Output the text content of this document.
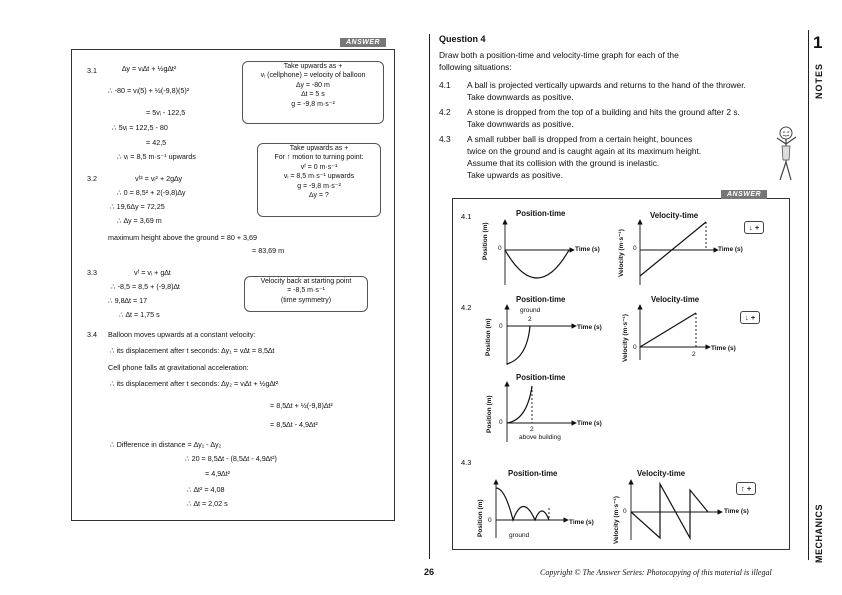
ANSWER
3.1	∆y = vᵢ∆t + ½g∆t²
∴ -80 = vᵢ(5) + ½(-9,8)(5)²
= 5vᵢ - 122,5
∴ 5vᵢ = 122,5 - 80
= 42,5
∴ vᵢ = 8,5 m·s⁻¹ upwards
3.2	vᶠ² = vᵢ² + 2g∆y
∴ 0 = 8,5² + 2(-9,8)∆y
∴ 19,6∆y = 72,25
∴ ∆y = 3,69 m
maximum height above the ground = 80 + 3,69
= 83,69 m
3.3	vᶠ = vᵢ + g∆t
∴ -8,5 = 8,5 + (-9,8)∆t
∴ 9,8∆t = 17
∴ ∆t = 1,75 s
3.4 Balloon moves upwards at a constant velocity:
∴ its displacement after t seconds: ∆y₁ = v∆t = 8,5∆t
Cell phone falls at gravitational acceleration:
∴ its displacement after t seconds: ∆y₂ = vᵢ∆t + ½g∆t²
= 8,5∆t + ½(-9,8)∆t²
= 8,5∆t - 4,9∆t²
∴ Difference in distance = ∆y₁ - ∆y₂
∴ 20 = 8,5∆t - (8,5∆t - 4,9∆t²)
= 4,9∆t²
∴ ∆t² = 4,08
∴ ∆t = 2,02 s
Take upwards as +
vᵢ (cellphone) = velocity of balloon
∆y = -80 m
∆t = 5 s
g = -9,8 m·s⁻²
Take upwards as +
For ↑ motion to turning point:
vᶠ = 0 m·s⁻¹
vᵢ = 8,5 m·s⁻¹ upwards
g = -9,8 m·s⁻²
∆y = ?
Velocity back at starting point
= -8,5 m·s⁻¹
(time symmetry)
Question 4
Draw both a position-time and velocity-time graph for each of the
following situations:
4.1 A ball is projected vertically upwards and returns to the hand of the thrower.
Take downwards as positive.
4.2 A stone is dropped from the top of a building and hits the ground after 2 s.
Take downwards as positive.
4.3 A small rubber ball is dropped from a certain height, bounces
twice on the ground and is caught again at its maximum height.
Assume that its collision with the ground is inelastic.
Take upwards as positive.
ANSWER
4.1
4.2
4.3
Position-time	Velocity-time
Position-time	Velocity-time
Position-time
Position-time	Velocity-time
↓ +
↓ +
↑ +
Position (m)	Velocity (m·s⁻¹)
Position (m)	Velocity (m·s⁻¹)
Position (m)
Position (m)	Velocity (m·s⁻¹)
Time (s)	Time (s)
Time (s)
Time (s)
Time (s)
Time (s)
Time (s)
0	0
0
0
0
0
0
ground
2
2
2
above building
ground
1
NOTES
MECHANICS
26	Copyright © The Answer Series: Photocopying of this material is illegal
